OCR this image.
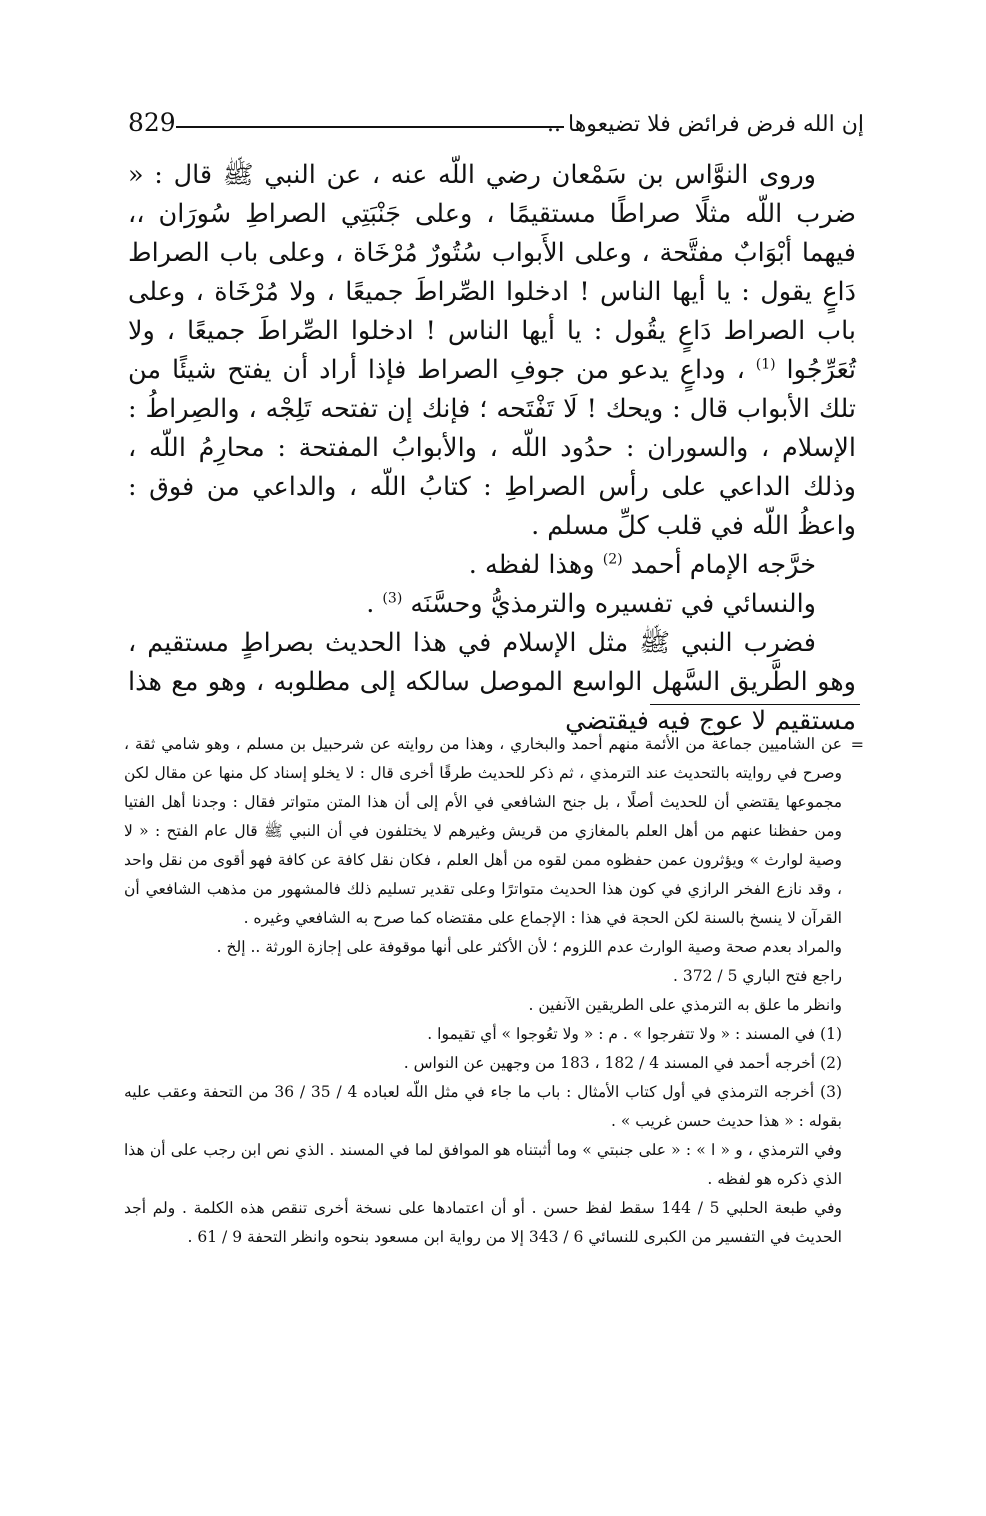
إن الله فرض فرائض فلا تضيعوها ..
829

وروى النوَّاس بن سَمْعان رضي اللّه عنه ، عن النبي ﷺ قال : « ضرب اللّه مثلًا صراطًا مستقيمًا ، وعلى جَنْبَتِي الصراطِ سُورَان ،، فيهما أبْوَابٌ مفتَّحة ، وعلى الأَبواب سُتُورٌ مُرْخَاة ، وعلى باب الصراط دَاعٍ يقول : يا أيها الناس ! ادخلوا الصِّراطَ جميعًا ، ولا مُرْخَاة ، وعلى باب الصراط دَاعٍ يقُول : يا أيها الناس ! ادخلوا الصِّراطَ جميعًا ، ولا تُعَرِّجُوا $^{(1)}$ ، وداعٍ يدعو من جوفِ الصراط فإذا أراد أن يفتح شيئًا من تلك الأبواب قال : ويحك ! لَا تَفْتَحه ؛ فإنك إن تفتحه تَلِجْه ، والصِراطُ : الإسلام ، والسوران : حدُود اللّه ، والأبوابُ المفتحة : محارِمُ اللّه ، وذلك الداعي على رأس الصراطِ : كتابُ اللّه ، والداعي من فوق : واعظُ اللّه في قلب كلِّ مسلم .

خرَّجه الإمام أحمد $^{(2)}$ وهذا لفظه .

والنسائي في تفسيره والترمذيُّ وحسَّنَه $^{(3)}$ .

فضرب النبي ﷺ مثل الإسلام في هذا الحديث بصراطٍ مستقيم ، وهو الطَّريق السَّهل الواسع الموصل سالكه إلى مطلوبه ، وهو مع هذا مستقيم لا عوج فيه فيقتضي

=

عن الشاميين جماعة من الأئمة منهم أحمد والبخاري ، وهذا من روايته عن شرحبيل بن مسلم ، وهو شامي ثقة ، وصرح في روايته بالتحديث عند الترمذي ، ثم ذكر للحديث طرقًا أخرى قال : لا يخلو إسناد كل منها عن مقال لكن مجموعها يقتضي أن للحديث أصلًا ، بل جنح الشافعي في الأم إلى أن هذا المتن متواتر فقال : وجدنا أهل الفتيا ومن حفظنا عنهم من أهل العلم بالمغازي من قريش وغيرهم لا يختلفون في أن النبي ﷺ قال عام الفتح : « لا وصية لوارث » ويؤثرون عمن حفظوه ممن لقوه من أهل العلم ، فكان نقل كافة عن كافة فهو أقوى من نقل واحد ، وقد نازع الفخر الرازي في كون هذا الحديث متواترًا وعلى تقدير تسليم ذلك فالمشهور من مذهب الشافعي أن القرآن لا ينسخ بالسنة لكن الحجة في هذا : الإجماع على مقتضاه كما صرح به الشافعي وغيره .

والمراد بعدم صحة وصية الوارث عدم اللزوم ؛ لأن الأكثر على أنها موقوفة على إجازة الورثة .. إلخ .

راجع فتح الباري 5 / 372 .

وانظر ما علق به الترمذي على الطريقين الآنفين .

(1) في المسند : « ولا تتفرجوا » . م : « ولا تعُوجوا » أي تقيموا .

(2) أخرجه أحمد في المسند 4 / 182 ، 183 من وجهين عن النواس .

(3) أخرجه الترمذي في أول كتاب الأمثال : باب ما جاء في مثل اللّه لعباده 4 / 35 / 36 من التحفة وعقب عليه بقوله : « هذا حديث حسن غريب » .

وفي الترمذي ، و « ا » : « على جنبتي » وما أثبتناه هو الموافق لما في المسند . الذي نص ابن رجب على أن هذا الذي ذكره هو لفظه .

وفي طبعة الحلبي 5 / 144 سقط لفظ حسن . أو أن اعتمادها على نسخة أخرى تنقص هذه الكلمة . ولم أجد الحديث في التفسير من الكبرى للنسائي 6 / 343 إلا من رواية ابن مسعود بنحوه وانظر التحفة 9 / 61 .
